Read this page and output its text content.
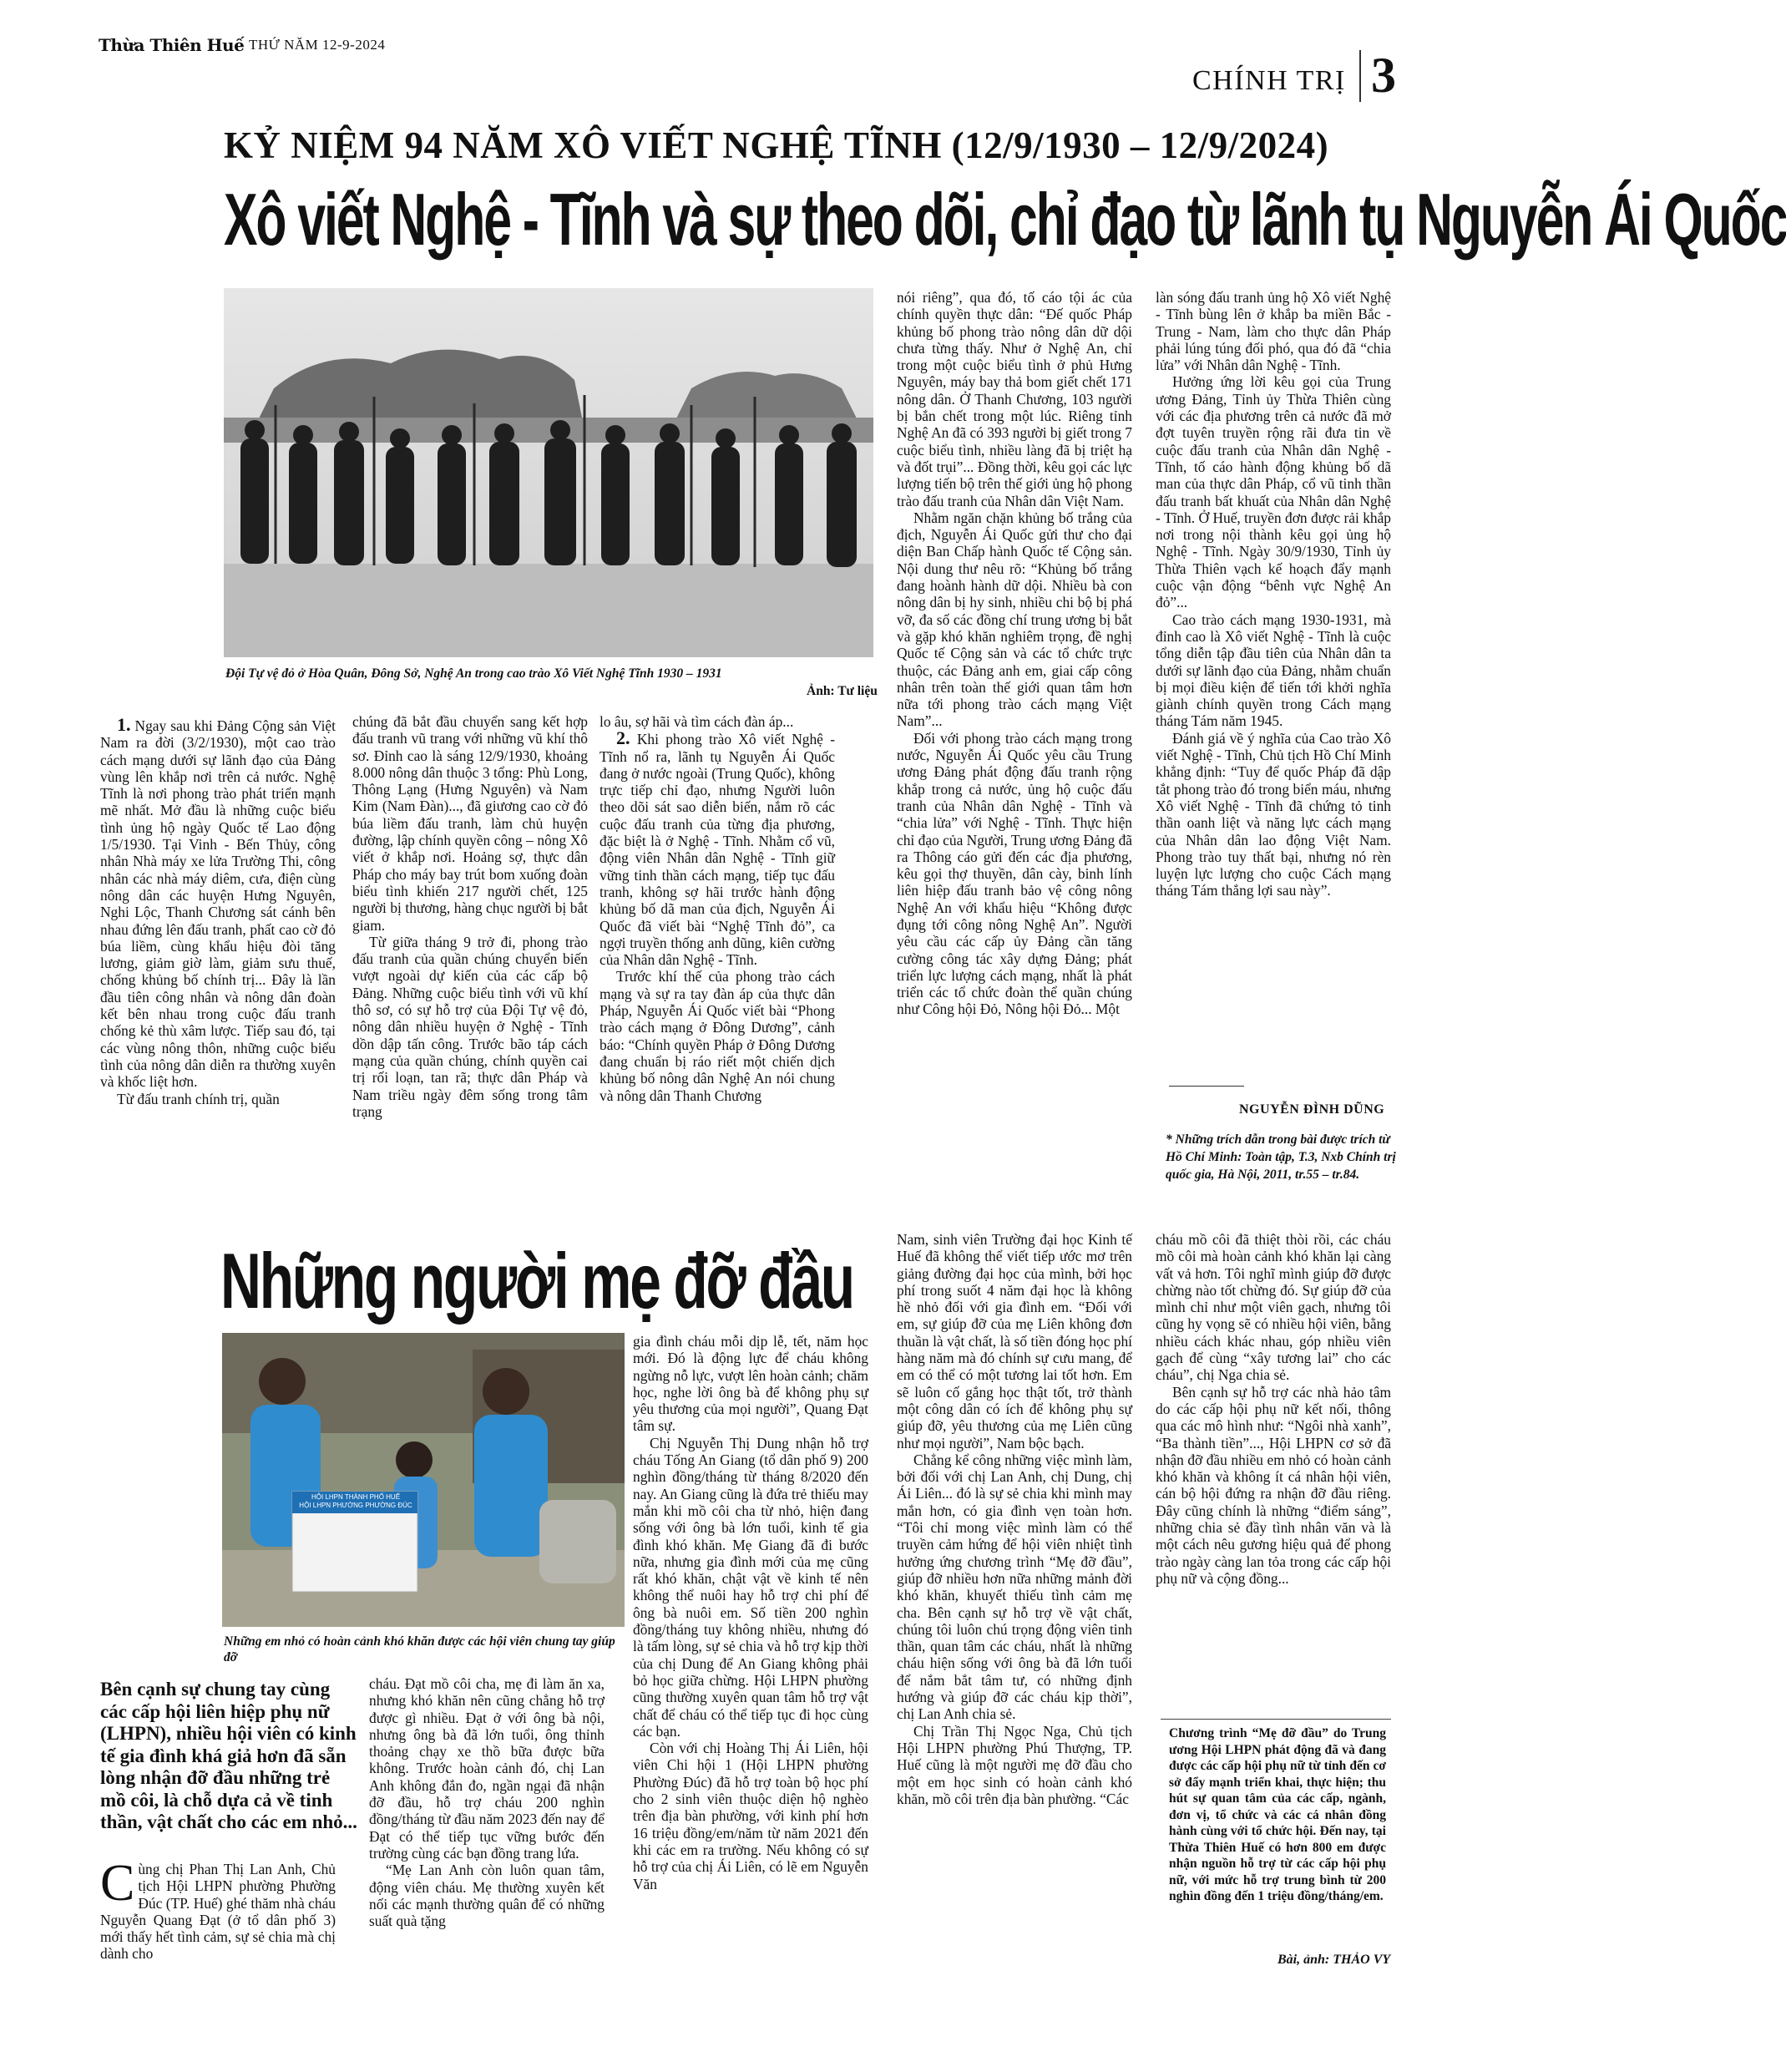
Thừa Thiên Huế THỨ NĂM 12-9-2024
CHÍNH TRỊ 3
KỶ NIỆM 94 NĂM XÔ VIẾT NGHỆ TĨNH (12/9/1930 – 12/9/2024)
Xô viết Nghệ - Tĩnh và sự theo dõi, chỉ đạo từ lãnh tụ Nguyễn Ái Quốc
Đội Tự vệ đỏ ở Hòa Quân, Đông Sở, Nghệ An trong cao trào Xô Viết Nghệ Tĩnh 1930 – 1931
Ảnh: Tư liệu

1. Ngay sau khi Đảng Cộng sản Việt Nam ra đời (3/2/1930), một cao trào cách mạng dưới sự lãnh đạo của Đảng vùng lên khắp nơi trên cả nước. Nghệ Tĩnh là nơi phong trào phát triển mạnh mẽ nhất. Mở đầu là những cuộc biểu tình ủng hộ ngày Quốc tế Lao động 1/5/1930. Tại Vinh - Bến Thủy, công nhân Nhà máy xe lửa Trường Thi, công nhân các nhà máy diêm, cưa, điện cùng nông dân các huyện Hưng Nguyên, Nghi Lộc, Thanh Chương sát cánh bên nhau đứng lên đấu tranh, phất cao cờ đỏ búa liềm, cùng khẩu hiệu đòi tăng lương, giảm giờ làm, giảm sưu thuế, chống khủng bố chính trị... Đây là lần đầu tiên công nhân và nông dân đoàn kết bên nhau trong cuộc đấu tranh chống kẻ thù xâm lược. Tiếp sau đó, tại các vùng nông thôn, những cuộc biểu tình của nông dân diễn ra thường xuyên và khốc liệt hơn.

Từ đấu tranh chính trị, quần

chúng đã bắt đầu chuyển sang kết hợp đấu tranh vũ trang với những vũ khí thô sơ. Đỉnh cao là sáng 12/9/1930, khoảng 8.000 nông dân thuộc 3 tổng: Phù Long, Thông Lạng (Hưng Nguyên) và Nam Kim (Nam Đàn)..., đã giương cao cờ đỏ búa liềm đấu tranh, làm chủ huyện đường, lập chính quyền công – nông Xô viết ở khắp nơi. Hoảng sợ, thực dân Pháp cho máy bay trút bom xuống đoàn biểu tình khiến 217 người chết, 125 người bị thương, hàng chục người bị bắt giam.

Từ giữa tháng 9 trở đi, phong trào đấu tranh của quần chúng chuyển biến vượt ngoài dự kiến của các cấp bộ Đảng. Những cuộc biểu tình với vũ khí thô sơ, có sự hỗ trợ của Đội Tự vệ đỏ, nông dân nhiều huyện ở Nghệ - Tĩnh dồn dập tấn công. Trước bão táp cách mạng của quần chúng, chính quyền cai trị rối loạn, tan rã; thực dân Pháp và Nam triều ngày đêm sống trong tâm trạng

lo âu, sợ hãi và tìm cách đàn áp...

2. Khi phong trào Xô viết Nghệ - Tĩnh nổ ra, lãnh tụ Nguyễn Ái Quốc đang ở nước ngoài (Trung Quốc), không trực tiếp chỉ đạo, nhưng Người luôn theo dõi sát sao diễn biến, nắm rõ các cuộc đấu tranh của từng địa phương, đặc biệt là ở Nghệ - Tĩnh. Nhằm cổ vũ, động viên Nhân dân Nghệ - Tĩnh giữ vững tinh thần cách mạng, tiếp tục đấu tranh, không sợ hãi trước hành động khủng bố dã man của địch, Nguyễn Ái Quốc đã viết bài “Nghệ Tĩnh đỏ”, ca ngợi truyền thống anh dũng, kiên cường của Nhân dân Nghệ - Tĩnh.

Trước khí thế của phong trào cách mạng và sự ra tay đàn áp của thực dân Pháp, Nguyễn Ái Quốc viết bài “Phong trào cách mạng ở Đông Dương”, cảnh báo: “Chính quyền Pháp ở Đông Dương đang chuẩn bị ráo riết một chiến dịch khủng bố nông dân Nghệ An nói chung và nông dân Thanh Chương

nói riêng”, qua đó, tố cáo tội ác của chính quyền thực dân: “Đế quốc Pháp khủng bố phong trào nông dân dữ dội chưa từng thấy. Như ở Nghệ An, chỉ trong một cuộc biểu tình ở phủ Hưng Nguyên, máy bay thả bom giết chết 171 nông dân. Ở Thanh Chương, 103 người bị bắn chết trong một lúc. Riêng tỉnh Nghệ An đã có 393 người bị giết trong 7 cuộc biểu tình, nhiều làng đã bị triệt hạ và đốt trụi”... Đồng thời, kêu gọi các lực lượng tiến bộ trên thế giới ủng hộ phong trào đấu tranh của Nhân dân Việt Nam.

Nhằm ngăn chặn khủng bố trắng của địch, Nguyễn Ái Quốc gửi thư cho đại diện Ban Chấp hành Quốc tế Cộng sản. Nội dung thư nêu rõ: “Khủng bố trắng đang hoành hành dữ dội. Nhiều bà con nông dân bị hy sinh, nhiều chi bộ bị phá vỡ, đa số các đồng chí trung ương bị bắt và gặp khó khăn nghiêm trọng, đề nghị Quốc tế Cộng sản và các tổ chức trực thuộc, các Đảng anh em, giai cấp công nhân trên toàn thế giới quan tâm hơn nữa tới phong trào cách mạng Việt Nam”...

Đối với phong trào cách mạng trong nước, Nguyễn Ái Quốc yêu cầu Trung ương Đảng phát động đấu tranh rộng khắp trong cả nước, ủng hộ cuộc đấu tranh của Nhân dân Nghệ - Tĩnh và “chia lửa” với Nghệ - Tĩnh. Thực hiện chỉ đạo của Người, Trung ương Đảng đã ra Thông cáo gửi đến các địa phương, kêu gọi thợ thuyền, dân cày, binh lính liên hiệp đấu tranh bảo vệ công nông Nghệ An với khẩu hiệu “Không được đụng tới công nông Nghệ An”. Người yêu cầu các cấp ủy Đảng cần tăng cường công tác xây dựng Đảng; phát triển lực lượng cách mạng, nhất là phát triển các tổ chức đoàn thể quần chúng như Công hội Đỏ, Nông hội Đỏ... Một

làn sóng đấu tranh ủng hộ Xô viết Nghệ - Tĩnh bùng lên ở khắp ba miền Bắc - Trung - Nam, làm cho thực dân Pháp phải lúng túng đối phó, qua đó đã “chia lửa” với Nhân dân Nghệ - Tĩnh.

Hưởng ứng lời kêu gọi của Trung ương Đảng, Tỉnh ủy Thừa Thiên cùng với các địa phương trên cả nước đã mở đợt tuyên truyền rộng rãi đưa tin về cuộc đấu tranh của Nhân dân Nghệ - Tĩnh, tố cáo hành động khủng bố dã man của thực dân Pháp, cổ vũ tinh thần đấu tranh bất khuất của Nhân dân Nghệ - Tĩnh. Ở Huế, truyền đơn được rải khắp nơi trong nội thành kêu gọi ủng hộ Nghệ - Tĩnh. Ngày 30/9/1930, Tỉnh ủy Thừa Thiên vạch kế hoạch đẩy mạnh cuộc vận động “bênh vực Nghệ An đỏ”...

Cao trào cách mạng 1930-1931, mà đỉnh cao là Xô viết Nghệ - Tĩnh là cuộc tổng diễn tập đầu tiên của Nhân dân ta dưới sự lãnh đạo của Đảng, nhằm chuẩn bị mọi điều kiện để tiến tới khởi nghĩa giành chính quyền trong Cách mạng tháng Tám năm 1945.

Đánh giá về ý nghĩa của Cao trào Xô viết Nghệ - Tĩnh, Chủ tịch Hồ Chí Minh khẳng định: “Tuy để quốc Pháp đã dập tắt phong trào đó trong biển máu, nhưng Xô viết Nghệ - Tĩnh đã chứng tỏ tinh thần oanh liệt và năng lực cách mạng của Nhân dân lao động Việt Nam. Phong trào tuy thất bại, nhưng nó rèn luyện lực lượng cho cuộc Cách mạng tháng Tám thắng lợi sau này”.

NGUYỄN ĐÌNH DŨNG
* Những trích dẫn trong bài được trích từ Hồ Chí Minh: Toàn tập, T.3, Nxb Chính trị quốc gia, Hà Nội, 2011, tr.55 – tr.84.
Những người mẹ đỡ đầu
HỘI LHPN THÀNH PHỐ HUẾ
HỘI LHPN PHƯỜNG PHƯỜNG ĐÚC
Những em nhỏ có hoàn cảnh khó khăn được các hội viên chung tay giúp đỡ
Bên cạnh sự chung tay cùng các cấp hội liên hiệp phụ nữ (LHPN), nhiều hội viên có kinh tế gia đình khá giả hơn đã sẵn lòng nhận đỡ đầu những trẻ mồ côi, là chỗ dựa cả về tinh thần, vật chất cho các em nhỏ...

Cùng chị Phan Thị Lan Anh, Chủ tịch Hội LHPN phường Phường Đúc (TP. Huế) ghé thăm nhà cháu Nguyễn Quang Đạt (ở tổ dân phố 3) mới thấy hết tình cảm, sự sẻ chia mà chị dành cho

cháu. Đạt mồ côi cha, mẹ đi làm ăn xa, nhưng khó khăn nên cũng chẳng hỗ trợ được gì nhiều. Đạt ở với ông bà nội, nhưng ông bà đã lớn tuổi, ông thỉnh thoảng chạy xe thồ bữa được bữa không. Trước hoàn cảnh đó, chị Lan Anh không đắn đo, ngần ngại đã nhận đỡ đầu, hỗ trợ cháu 200 nghìn đồng/tháng từ đầu năm 2023 đến nay để Đạt có thể tiếp tục vững bước đến trường cùng các bạn đồng trang lứa.

“Mẹ Lan Anh còn luôn quan tâm, động viên cháu. Mẹ thường xuyên kết nối các mạnh thường quân để có những suất quà tặng

gia đình cháu mỗi dịp lễ, tết, năm học mới. Đó là động lực để cháu không ngừng nỗ lực, vượt lên hoàn cảnh; chăm học, nghe lời ông bà để không phụ sự yêu thương của mọi người”, Quang Đạt tâm sự.

Chị Nguyễn Thị Dung nhận hỗ trợ cháu Tống An Giang (tổ dân phố 9) 200 nghìn đồng/tháng từ tháng 8/2020 đến nay. An Giang cũng là đứa trẻ thiếu may mắn khi mồ côi cha từ nhỏ, hiện đang sống với ông bà lớn tuổi, kinh tế gia đình khó khăn. Mẹ Giang đã đi bước nữa, nhưng gia đình mới của mẹ cũng rất khó khăn, chật vật về kinh tế nên không thể nuôi hay hỗ trợ chi phí để ông bà nuôi em. Số tiền 200 nghìn đồng/tháng tuy không nhiều, nhưng đó là tấm lòng, sự sẻ chia và hỗ trợ kịp thời của chị Dung để An Giang không phải bỏ học giữa chừng. Hội LHPN phường cũng thường xuyên quan tâm hỗ trợ vật chất để cháu có thể tiếp tục đi học cùng các bạn.

Còn với chị Hoàng Thị Ái Liên, hội viên Chi hội 1 (Hội LHPN phường Phường Đúc) đã hỗ trợ toàn bộ học phí cho 2 sinh viên thuộc diện hộ nghèo trên địa bàn phường, với kinh phí hơn 16 triệu đồng/em/năm từ năm 2021 đến khi các em ra trường. Nếu không có sự hỗ trợ của chị Ái Liên, có lẽ em Nguyễn Văn

Nam, sinh viên Trường đại học Kinh tế Huế đã không thể viết tiếp ước mơ trên giảng đường đại học của mình, bởi học phí trong suốt 4 năm đại học là không hề nhỏ đối với gia đình em. “Đối với em, sự giúp đỡ của mẹ Liên không đơn thuần là vật chất, là số tiền đóng học phí hàng năm mà đó chính sự cưu mang, để em có thể có một tương lai tốt hơn. Em sẽ luôn cố gắng học thật tốt, trở thành một công dân có ích để không phụ sự giúp đỡ, yêu thương của mẹ Liên cũng như mọi người”, Nam bộc bạch.

Chẳng kể công những việc mình làm, bởi đối với chị Lan Anh, chị Dung, chị Ái Liên... đó là sự sẻ chia khi mình may mắn hơn, có gia đình vẹn toàn hơn. “Tôi chỉ mong việc mình làm có thể truyền cảm hứng để hội viên nhiệt tình hưởng ứng chương trình “Mẹ đỡ đầu”, giúp đỡ nhiều hơn nữa những mảnh đời khó khăn, khuyết thiếu tình cảm mẹ cha. Bên cạnh sự hỗ trợ về vật chất, chúng tôi luôn chú trọng động viên tinh thần, quan tâm các cháu, nhất là những cháu hiện sống với ông bà đã lớn tuổi để nắm bắt tâm tư, có những định hướng và giúp đỡ các cháu kịp thời”, chị Lan Anh chia sẻ.

Chị Trần Thị Ngọc Nga, Chủ tịch Hội LHPN phường Phú Thượng, TP. Huế cũng là một người mẹ đỡ đầu cho một em học sinh có hoàn cảnh khó khăn, mồ côi trên địa bàn phường. “Các

cháu mồ côi đã thiệt thòi rồi, các cháu mồ côi mà hoàn cảnh khó khăn lại càng vất vả hơn. Tôi nghĩ mình giúp đỡ được chừng nào tốt chừng đó. Sự giúp đỡ của mình chỉ như một viên gạch, nhưng tôi cũng hy vọng sẽ có nhiều hội viên, bằng nhiều cách khác nhau, góp nhiều viên gạch để cùng “xây tương lai” cho các cháu”, chị Nga chia sẻ.

Bên cạnh sự hỗ trợ các nhà hảo tâm do các cấp hội phụ nữ kết nối, thông qua các mô hình như: “Ngôi nhà xanh”, “Ba thành tiền”..., Hội LHPN cơ sở đã nhận đỡ đầu nhiều em nhỏ có hoàn cảnh khó khăn và không ít cá nhân hội viên, cán bộ hội đứng ra nhận đỡ đầu riêng. Đây cũng chính là những “điểm sáng”, những chia sẻ đầy tình nhân văn và là một cách nêu gương hiệu quả để phong trào ngày càng lan tỏa trong các cấp hội phụ nữ và cộng đồng...

Chương trình “Mẹ đỡ đầu” do Trung ương Hội LHPN phát động đã và đang được các cấp hội phụ nữ từ tỉnh đến cơ sở đẩy mạnh triển khai, thực hiện; thu hút sự quan tâm của các cấp, ngành, đơn vị, tổ chức và các cá nhân đồng hành cùng với tổ chức hội. Đến nay, tại Thừa Thiên Huế có hơn 800 em được nhận nguồn hỗ trợ từ các cấp hội phụ nữ, với mức hỗ trợ trung bình từ 200 nghìn đồng đến 1 triệu đồng/tháng/em.
Bài, ảnh: THẢO VY
